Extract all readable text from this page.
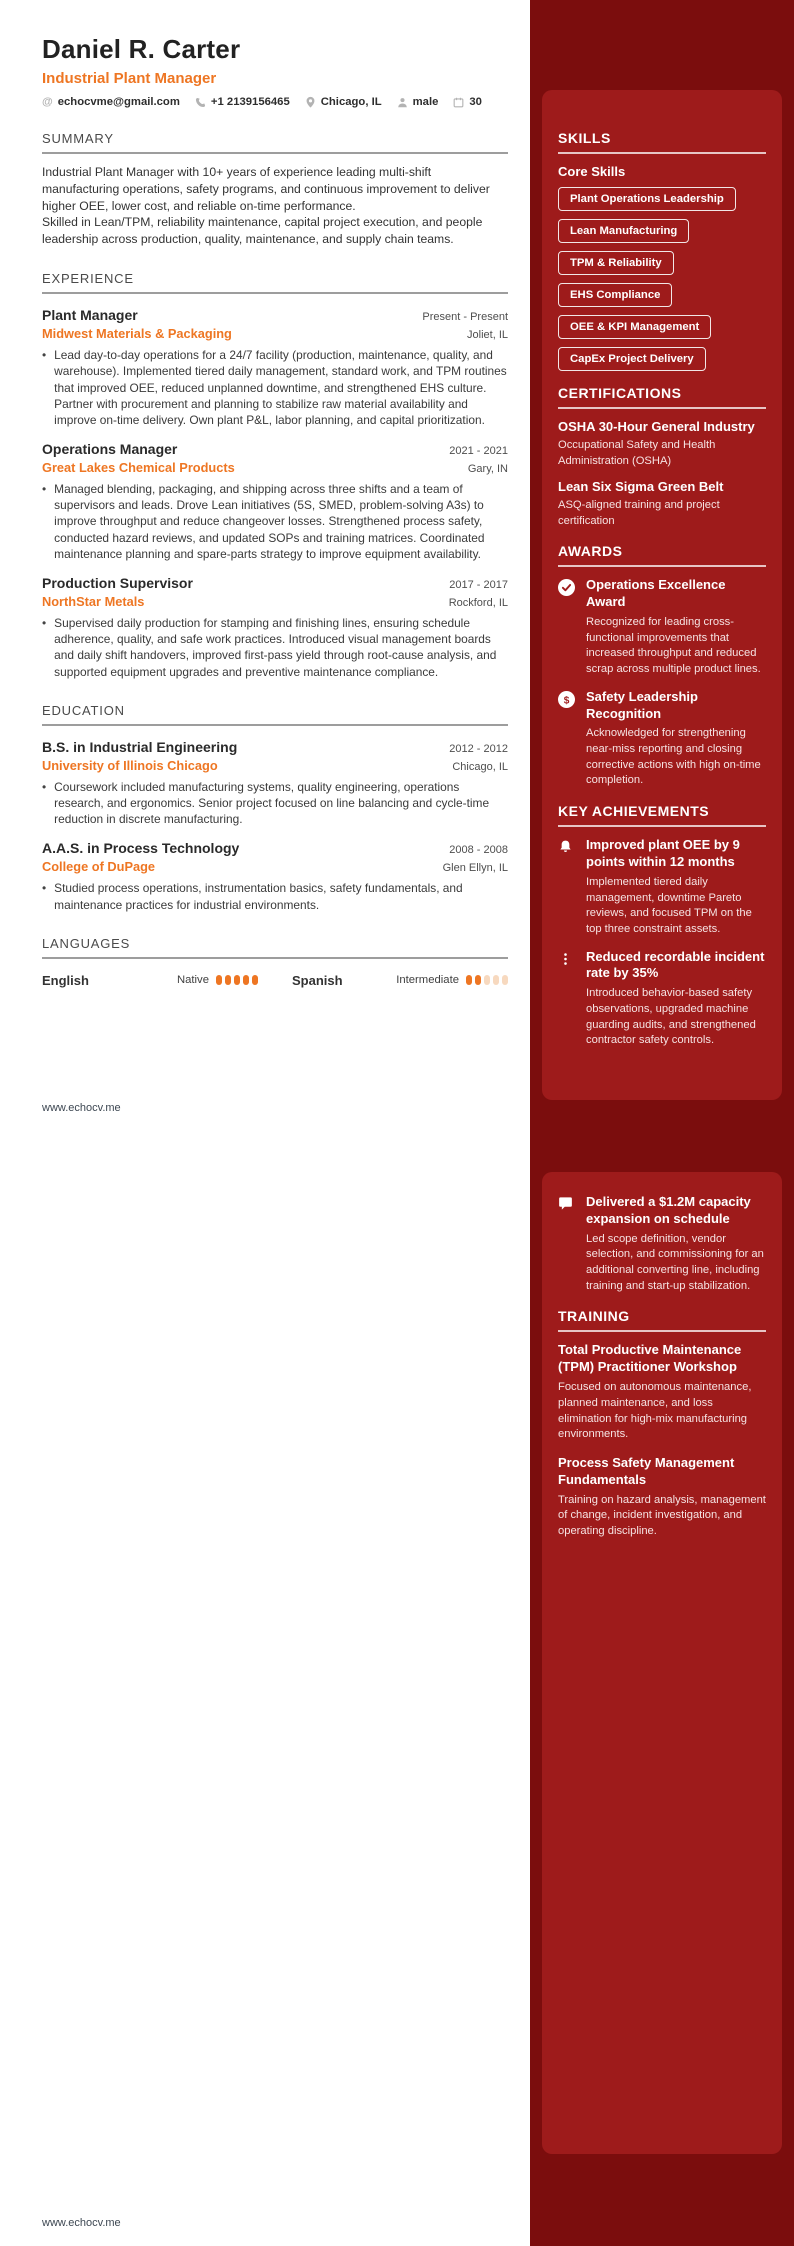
Daniel R. Carter
Industrial Plant Manager
@ echocvme@gmail.com	+1 2139156465	Chicago, IL	male	30
SUMMARY
Industrial Plant Manager with 10+ years of experience leading multi-shift manufacturing operations, safety programs, and continuous improvement to deliver higher OEE, lower cost, and reliable on-time performance.
Skilled in Lean/TPM, reliability maintenance, capital project execution, and people leadership across production, quality, maintenance, and supply chain teams.
EXPERIENCE
Plant Manager	Present - Present
Midwest Materials & Packaging	Joliet, IL
• Lead day-to-day operations for a 24/7 facility (production, maintenance, quality, and warehouse). Implemented tiered daily management, standard work, and TPM routines that improved OEE, reduced unplanned downtime, and strengthened EHS culture. Partner with procurement and planning to stabilize raw material availability and improve on-time delivery. Own plant P&L, labor planning, and capital prioritization.
Operations Manager	2021 - 2021
Great Lakes Chemical Products	Gary, IN
• Managed blending, packaging, and shipping across three shifts and a team of supervisors and leads. Drove Lean initiatives (5S, SMED, problem-solving A3s) to improve throughput and reduce changeover losses. Strengthened process safety, conducted hazard reviews, and updated SOPs and training matrices. Coordinated maintenance planning and spare-parts strategy to improve equipment availability.
Production Supervisor	2017 - 2017
NorthStar Metals	Rockford, IL
• Supervised daily production for stamping and finishing lines, ensuring schedule adherence, quality, and safe work practices. Introduced visual management boards and daily shift handovers, improved first-pass yield through root-cause analysis, and supported equipment upgrades and preventive maintenance compliance.
EDUCATION
B.S. in Industrial Engineering	2012 - 2012
University of Illinois Chicago	Chicago, IL
• Coursework included manufacturing systems, quality engineering, operations research, and ergonomics. Senior project focused on line balancing and cycle-time reduction in discrete manufacturing.
A.A.S. in Process Technology	2008 - 2008
College of DuPage	Glen Ellyn, IL
• Studied process operations, instrumentation basics, safety fundamentals, and maintenance practices for industrial environments.
LANGUAGES
English	Native	Spanish	Intermediate
SKILLS
Core Skills
Plant Operations Leadership
Lean Manufacturing
TPM & Reliability
EHS Compliance
OEE & KPI Management
CapEx Project Delivery
CERTIFICATIONS
OSHA 30-Hour General Industry
Occupational Safety and Health Administration (OSHA)
Lean Six Sigma Green Belt
ASQ-aligned training and project certification
AWARDS
Operations Excellence Award
Recognized for leading cross-functional improvements that increased throughput and reduced scrap across multiple product lines.
$ Safety Leadership Recognition
Acknowledged for strengthening near-miss reporting and closing corrective actions with high on-time completion.
KEY ACHIEVEMENTS
Improved plant OEE by 9 points within 12 months
Implemented tiered daily management, downtime Pareto reviews, and focused TPM on the top three constraint assets.
Reduced recordable incident rate by 35%
Introduced behavior-based safety observations, upgraded machine guarding audits, and strengthened contractor safety controls.
Delivered a $1.2M capacity expansion on schedule
Led scope definition, vendor selection, and commissioning for an additional converting line, including training and start-up stabilization.
TRAINING
Total Productive Maintenance (TPM) Practitioner Workshop
Focused on autonomous maintenance, planned maintenance, and loss elimination for high-mix manufacturing environments.
Process Safety Management Fundamentals
Training on hazard analysis, management of change, incident investigation, and operating discipline.
www.echocv.me
www.echocv.me
